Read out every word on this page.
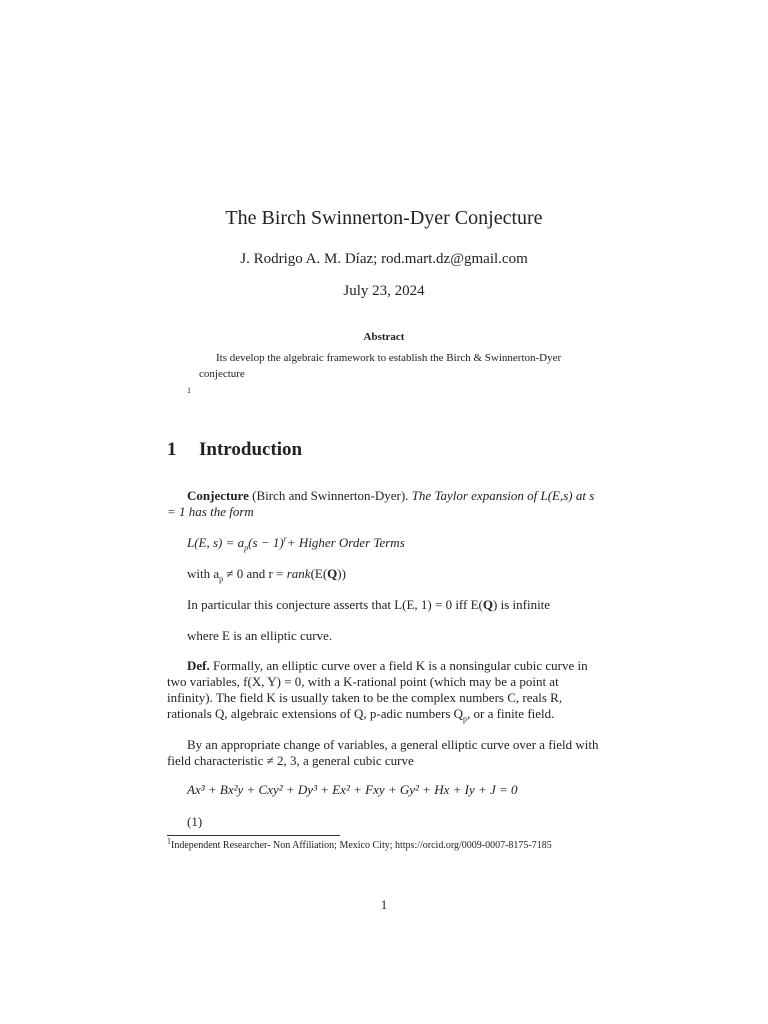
The Birch Swinnerton-Dyer Conjecture
J. Rodrigo A. M. Díaz; rod.mart.dz@gmail.com
July 23, 2024
Abstract
Its develop the algebraic framework to establish the Birch & Swinnerton-Dyer conjecture
1
1 Introduction
Conjecture (Birch and Swinnerton-Dyer). The Taylor expansion of L(E,s) at s = 1 has the form
L(E, $s) = a_p(s - 1)^r+$ Higher Order Terms
with $a_p \ne 0$ and r = rank(E(Q))
In particular this conjecture asserts that L(E, 1) = 0 iff E(Q) is infinite
where E is an elliptic curve.
Def. Formally, an elliptic curve over a field K is a nonsingular cubic curve in two variables, f(X, Y) = 0, with a K-rational point (which may be a point at infinity). The field K is usually taken to be the complex numbers C, reals R, rationals Q, algebraic extensions of Q, p-adic numbers $Q_p$, or a finite field.
By an appropriate change of variables, a general elliptic curve over a field with field characteristic ≠ 2, 3, a general cubic curve
Ax³ + Bx²y + Cxy² + Dy³ + Ex² + Fxy + Gy² + Hx + Iy + J = 0
(1)
$^1$Independent Researcher- Non Affiliation; Mexico City; https://orcid.org/0009-0007-8175-7185
1
